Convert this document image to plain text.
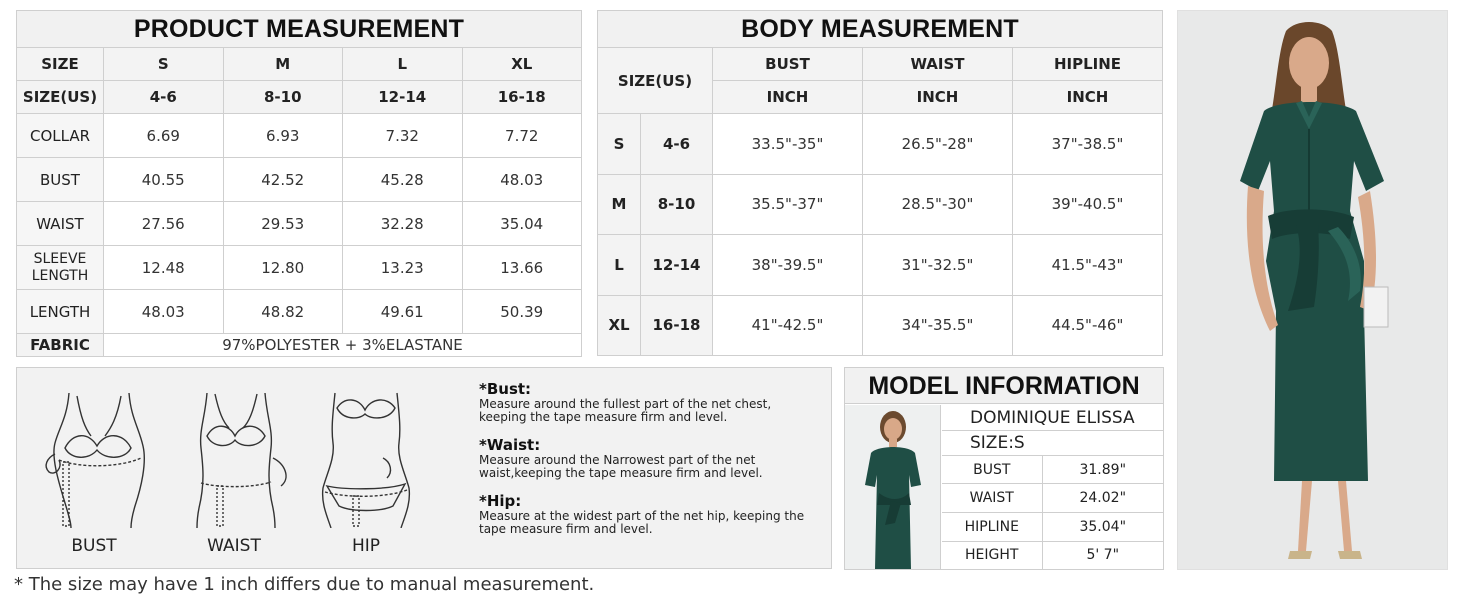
PRODUCT MEASUREMENT				
SIZE	S	M	L	XL
SIZE(US)	4-6	8-10	12-14	16-18
COLLAR	6.69	6.93	7.32	7.72
BUST	40.55	42.52	45.28	48.03
WAIST	27.56	29.53	32.28	35.04
SLEEVE LENGTH	12.48	12.80	13.23	13.66
LENGTH	48.03	48.82	49.61	50.39
FABRIC	97%POLYESTER + 3%ELASTANE			
BODY MEASUREMENT				
SIZE(US)		BUST	WAIST	HIPLINE
		INCH	INCH	INCH
S	4-6	33.5"-35"	26.5"-28"	37"-38.5"
M	8-10	35.5"-37"	28.5"-30"	39"-40.5"
L	12-14	38"-39.5"	31"-32.5"	41.5"-43"
XL	16-18	41"-42.5"	34"-35.5"	44.5"-46"
BUST	WAIST	HIP
*Bust:
Measure around the fullest part of the net chest, keeping the tape measure firm and level.
*Waist:
Measure around the Narrowest part of the net waist,keeping the tape measure firm and level.
*Hip:
Measure at the widest part of the net hip, keeping the tape measure firm and level.
MODEL INFORMATION
DOMINIQUE ELISSA
SIZE:S
BUST	31.89"
WAIST	24.02"
HIPLINE	35.04"
HEIGHT	5' 7"
* The size may have 1 inch differs due to manual measurement.
